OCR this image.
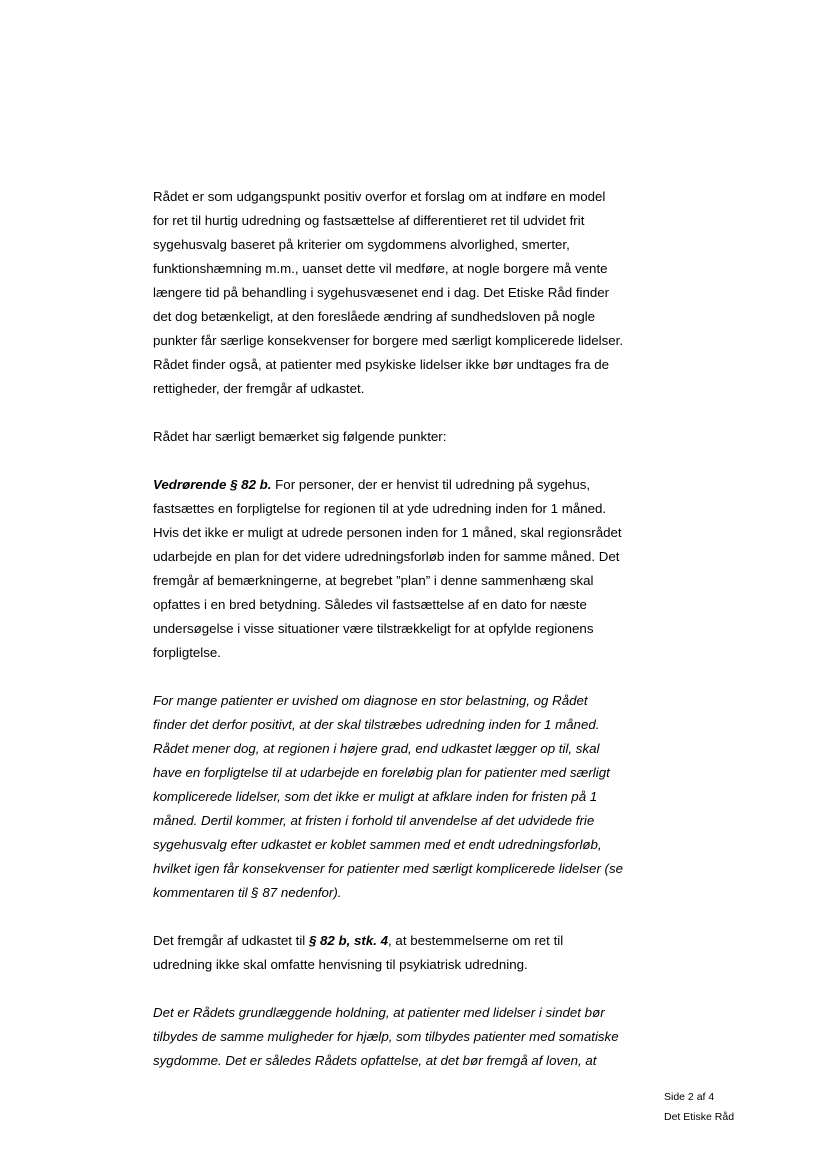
Rådet er som udgangspunkt positiv overfor et forslag om at indføre en model
for ret til hurtig udredning og fastsættelse af differentieret ret til udvidet frit
sygehusvalg baseret på kriterier om sygdommens alvorlighed, smerter,
funktionshæmning m.m., uanset dette vil medføre, at nogle borgere må vente
længere tid på behandling i sygehusvæsenet end i dag. Det Etiske Råd finder
det dog betænkeligt, at den foreslåede ændring af sundhedsloven på nogle
punkter får særlige konsekvenser for borgere med særligt komplicerede lidelser.
Rådet finder også, at patienter med psykiske lidelser ikke bør undtages fra de
rettigheder, der fremgår af udkastet.
Rådet har særligt bemærket sig følgende punkter:
Vedrørende § 82 b. For personer, der er henvist til udredning på sygehus,
fastsættes en forpligtelse for regionen til at yde udredning inden for 1 måned.
Hvis det ikke er muligt at udrede personen inden for 1 måned, skal regionsrådet
udarbejde en plan for det videre udredningsforløb inden for samme måned. Det
fremgår af bemærkningerne, at begrebet ”plan” i denne sammenhæng skal
opfattes i en bred betydning. Således vil fastsættelse af en dato for næste
undersøgelse i visse situationer være tilstrækkeligt for at opfylde regionens
forpligtelse.
For mange patienter er uvished om diagnose en stor belastning, og Rådet
finder det derfor positivt, at der skal tilstræbes udredning inden for 1 måned.
Rådet mener dog, at regionen i højere grad, end udkastet lægger op til, skal
have en forpligtelse til at udarbejde en foreløbig plan for patienter med særligt
komplicerede lidelser, som det ikke er muligt at afklare inden for fristen på 1
måned. Dertil kommer, at fristen i forhold til anvendelse af det udvidede frie
sygehusvalg efter udkastet er koblet sammen med et endt udredningsforløb,
hvilket igen får konsekvenser for patienter med særligt komplicerede lidelser (se
kommentaren til § 87 nedenfor).
Det fremgår af udkastet til § 82 b, stk. 4, at bestemmelserne om ret til
udredning ikke skal omfatte henvisning til psykiatrisk udredning.
Det er Rådets grundlæggende holdning, at patienter med lidelser i sindet bør
tilbydes de samme muligheder for hjælp, som tilbydes patienter med somatiske
sygdomme. Det er således Rådets opfattelse, at det bør fremgå af loven, at
Side 2 af 4
Det Etiske Råd
